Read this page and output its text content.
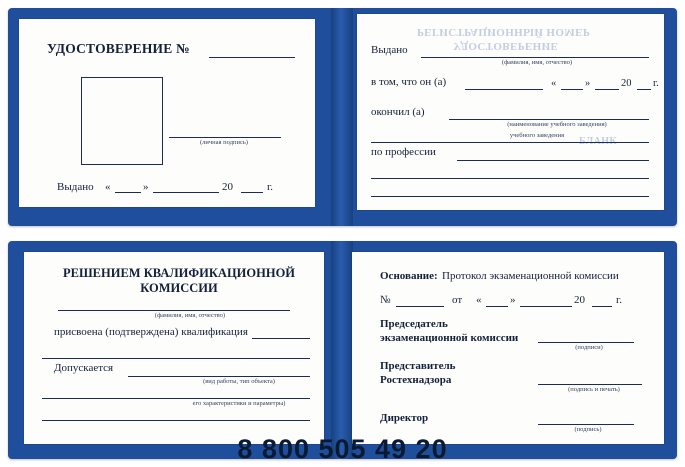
УДОСТОВЕРЕНИЕ №
(личная подпись)
Выдано «	»	20	г.
РЕГИСТРАЦИОННЫЙ НОМЕР
УДОСТОВЕРЕНИЕ
БЛАНК
Выдано
(фамилия, имя, отчество)
в том, что он (а)	«	»	20 г.
окончил (а)
(наименование учебного заведения)
учебного заведения
по профессии
РЕШЕНИЕМ КВАЛИФИКАЦИОННОЙ
КОМИССИИ
(фамилия, имя, отчество)
присвоена (подтверждена) квалификация
Допускается
(вид работы, тип объекта)
его характеристики и параметры)
Основание: Протокол экзаменационной комиссии
№	от «	»	20	г.
Председатель
экзаменационной комиссии
(подписи)
Представитель
Ростехнадзора
(подпись и печать)
Директор
(подпись)
8 800 505 49 20
